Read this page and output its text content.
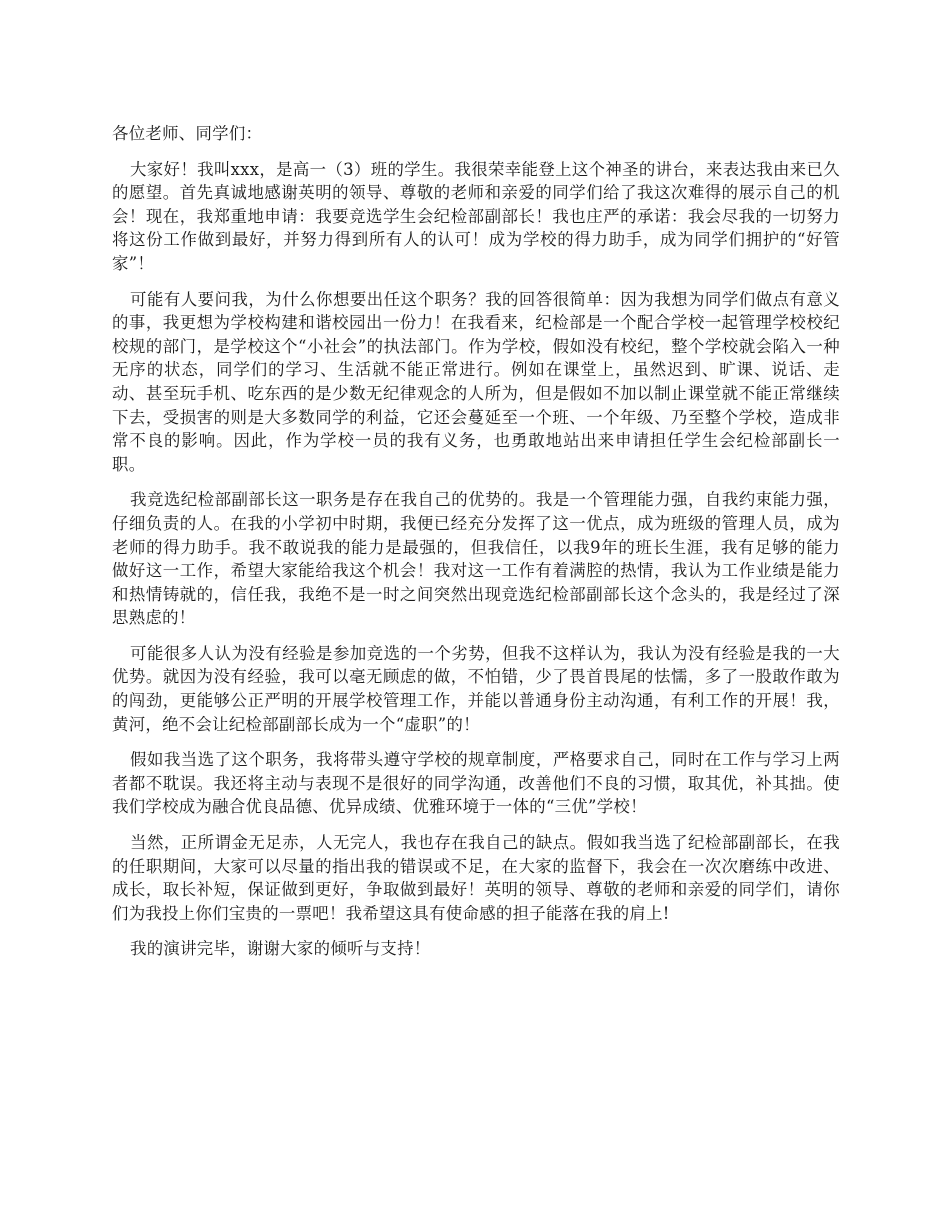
各位老师、同学们：

大家好！我叫xxx，是高一（3）班的学生。我很荣幸能登上这个神圣的讲台，来表达我由来已久的愿望。首先真诚地感谢英明的领导、尊敬的老师和亲爱的同学们给了我这次难得的展示自己的机会！现在，我郑重地申请：我要竞选学生会纪检部副部长！我也庄严的承诺：我会尽我的一切努力将这份工作做到最好，并努力得到所有人的认可！成为学校的得力助手，成为同学们拥护的“好管家”！

可能有人要问我，为什么你想要出任这个职务？我的回答很简单：因为我想为同学们做点有意义的事，我更想为学校构建和谐校园出一份力！在我看来，纪检部是一个配合学校一起管理学校校纪校规的部门，是学校这个“小社会”的执法部门。作为学校，假如没有校纪，整个学校就会陷入一种无序的状态，同学们的学习、生活就不能正常进行。例如在课堂上，虽然迟到、旷课、说话、走动、甚至玩手机、吃东西的是少数无纪律观念的人所为，但是假如不加以制止课堂就不能正常继续下去，受损害的则是大多数同学的利益，它还会蔓延至一个班、一个年级、乃至整个学校，造成非常不良的影响。因此，作为学校一员的我有义务，也勇敢地站出来申请担任学生会纪检部副长一职。

我竞选纪检部副部长这一职务是存在我自己的优势的。我是一个管理能力强，自我约束能力强，仔细负责的人。在我的小学初中时期，我便已经充分发挥了这一优点，成为班级的管理人员，成为老师的得力助手。我不敢说我的能力是最强的，但我信任，以我9年的班长生涯，我有足够的能力做好这一工作，希望大家能给我这个机会！我对这一工作有着满腔的热情，我认为工作业绩是能力和热情铸就的，信任我，我绝不是一时之间突然出现竞选纪检部副部长这个念头的，我是经过了深思熟虑的！

可能很多人认为没有经验是参加竞选的一个劣势，但我不这样认为，我认为没有经验是我的一大优势。就因为没有经验，我可以毫无顾虑的做，不怕错，少了畏首畏尾的怯懦，多了一股敢作敢为的闯劲，更能够公正严明的开展学校管理工作，并能以普通身份主动沟通，有利工作的开展！我，黄河，绝不会让纪检部副部长成为一个“虚职”的！

假如我当选了这个职务，我将带头遵守学校的规章制度，严格要求自己，同时在工作与学习上两者都不耽误。我还将主动与表现不是很好的同学沟通，改善他们不良的习惯，取其优，补其拙。使我们学校成为融合优良品德、优异成绩、优雅环境于一体的“三优”学校！

当然，正所谓金无足赤，人无完人，我也存在我自己的缺点。假如我当选了纪检部副部长，在我的任职期间，大家可以尽量的指出我的错误或不足，在大家的监督下，我会在一次次磨练中改进、成长，取长补短，保证做到更好，争取做到最好！英明的领导、尊敬的老师和亲爱的同学们，请你们为我投上你们宝贵的一票吧！我希望这具有使命感的担子能落在我的肩上!

我的演讲完毕，谢谢大家的倾听与支持！
